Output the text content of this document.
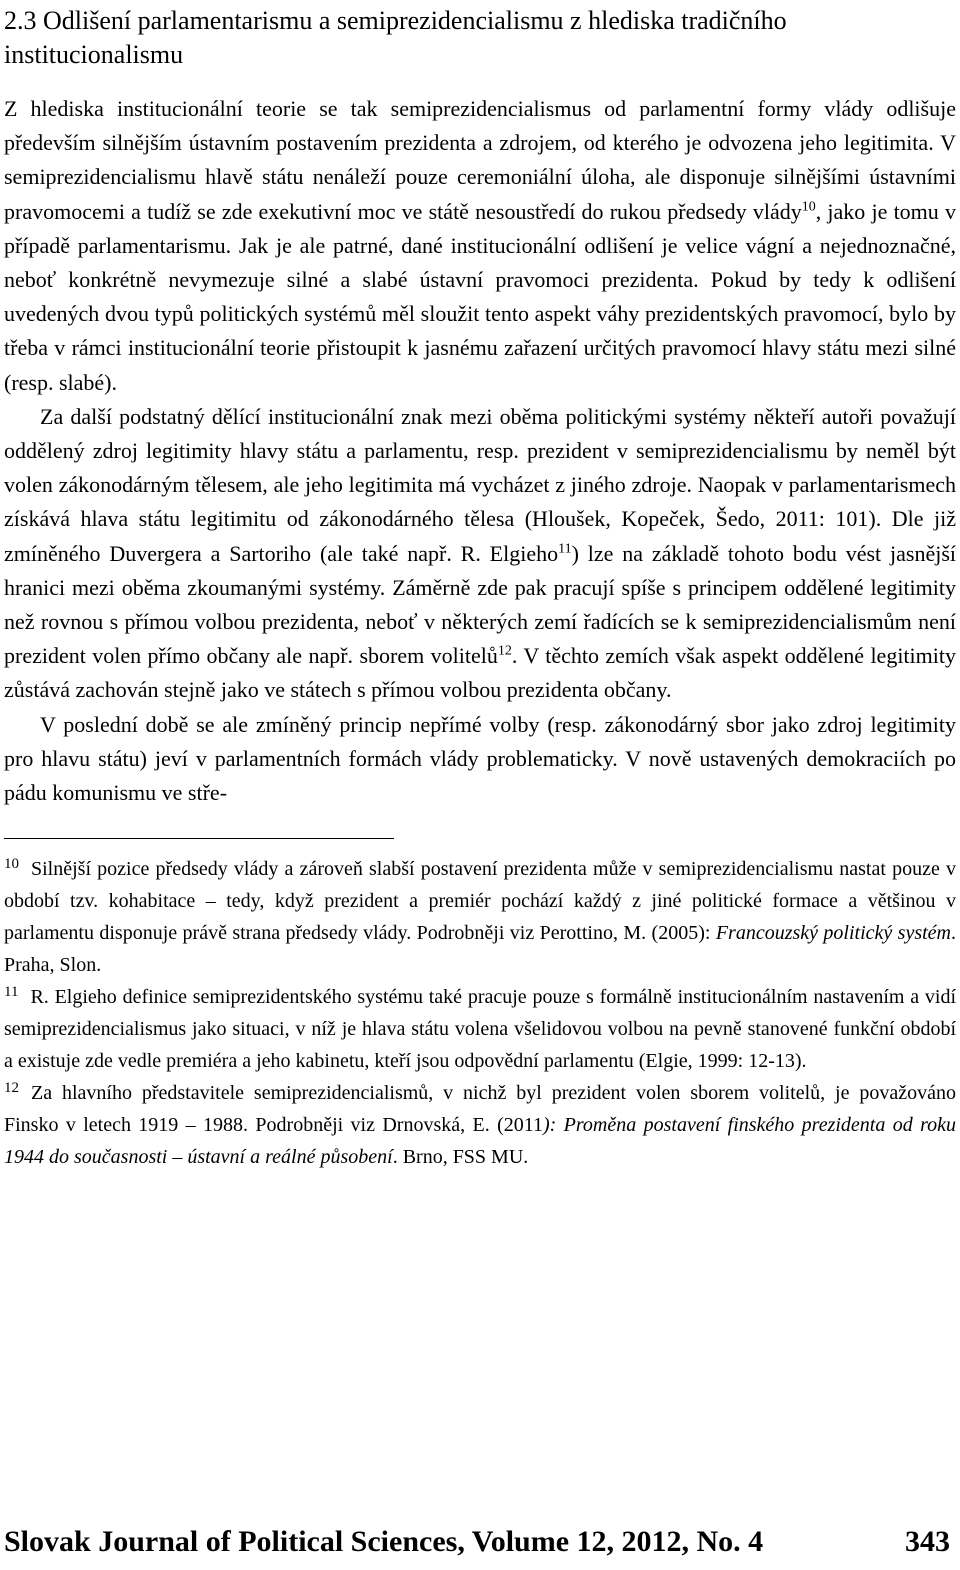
2.3 Odlišení parlamentarismu a semiprezidencialismu z hlediska tradičního institucionalismu

Z hlediska institucionální teorie se tak semiprezidencialismus od parlamentní formy vlády odlišuje především silnějším ústavním postavením prezidenta a zdrojem, od kterého je odvozena jeho legitimita. V semiprezidencialismu hlavě státu nenáleží pouze ceremoniální úloha, ale disponuje silnějšími ústavními pravomocemi a tudíž se zde exekutivní moc ve státě nesoustředí do rukou předsedy vlády$^{10}$, jako je tomu v případě parlamentarismu. Jak je ale patrné, dané institucionální odlišení je velice vágní a nejednoznačné, neboť konkrétně nevymezuje silné a slabé ústavní pravomoci prezidenta. Pokud by tedy k odlišení uvedených dvou typů politických systémů měl sloužit tento aspekt váhy prezidentských pravomocí, bylo by třeba v rámci institucionální teorie přistoupit k jasnému zařazení určitých pravomocí hlavy státu mezi silné (resp. slabé).

Za další podstatný dělící institucionální znak mezi oběma politickými systémy někteří autoři považují oddělený zdroj legitimity hlavy státu a parlamentu, resp. prezident v semiprezidencialismu by neměl být volen zákonodárným tělesem, ale jeho legitimita má vycházet z jiného zdroje. Naopak v parlamentarismech získává hlava státu legitimitu od zákonodárného tělesa (Hloušek, Kopeček, Šedo, 2011: 101). Dle již zmíněného Duvergera a Sartoriho (ale také např. R. Elgieho$^{11}$) lze na základě tohoto bodu vést jasnější hranici mezi oběma zkoumanými systémy. Záměrně zde pak pracují spíše s principem oddělené legitimity než rovnou s přímou volbou prezidenta, neboť v některých zemí řadících se k semiprezidencialismům není prezident volen přímo občany ale např. sborem volitelů$^{12}$. V těchto zemích však aspekt oddělené legitimity zůstává zachován stejně jako ve státech s přímou volbou prezidenta občany.

V poslední době se ale zmíněný princip nepřímé volby (resp. zákonodárný sbor jako zdroj legitimity pro hlavu státu) jeví v parlamentních formách vlády problematicky. V nově ustavených demokraciích po pádu komunismu ve stře-

$^{10}$ Silnější pozice předsedy vlády a zároveň slabší postavení prezidenta může v semiprezidencialismu nastat pouze v období tzv. kohabitace – tedy, když prezident a premiér pochází každý z jiné politické formace a většinou v parlamentu disponuje právě strana předsedy vlády. Podrobněji viz Perottino, M. (2005): Francouzský politický systém. Praha, Slon.

$^{11}$ R. Elgieho definice semiprezidentského systému také pracuje pouze s formálně institucionálním nastavením a vidí semiprezidencialismus jako situaci, v níž je hlava státu volena všelidovou volbou na pevně stanovené funkční období a existuje zde vedle premiéra a jeho kabinetu, kteří jsou odpovědní parlamentu (Elgie, 1999: 12-13).

$^{12}$ Za hlavního představitele semiprezidencialismů, v nichž byl prezident volen sborem volitelů, je považováno Finsko v letech 1919 – 1988. Podrobněji viz Drnovská, E. (2011): Proměna postavení finského prezidenta od roku 1944 do současnosti – ústavní a reálné působení. Brno, FSS MU.

Slovak Journal of Political Sciences, Volume 12, 2012, No. 4	343
